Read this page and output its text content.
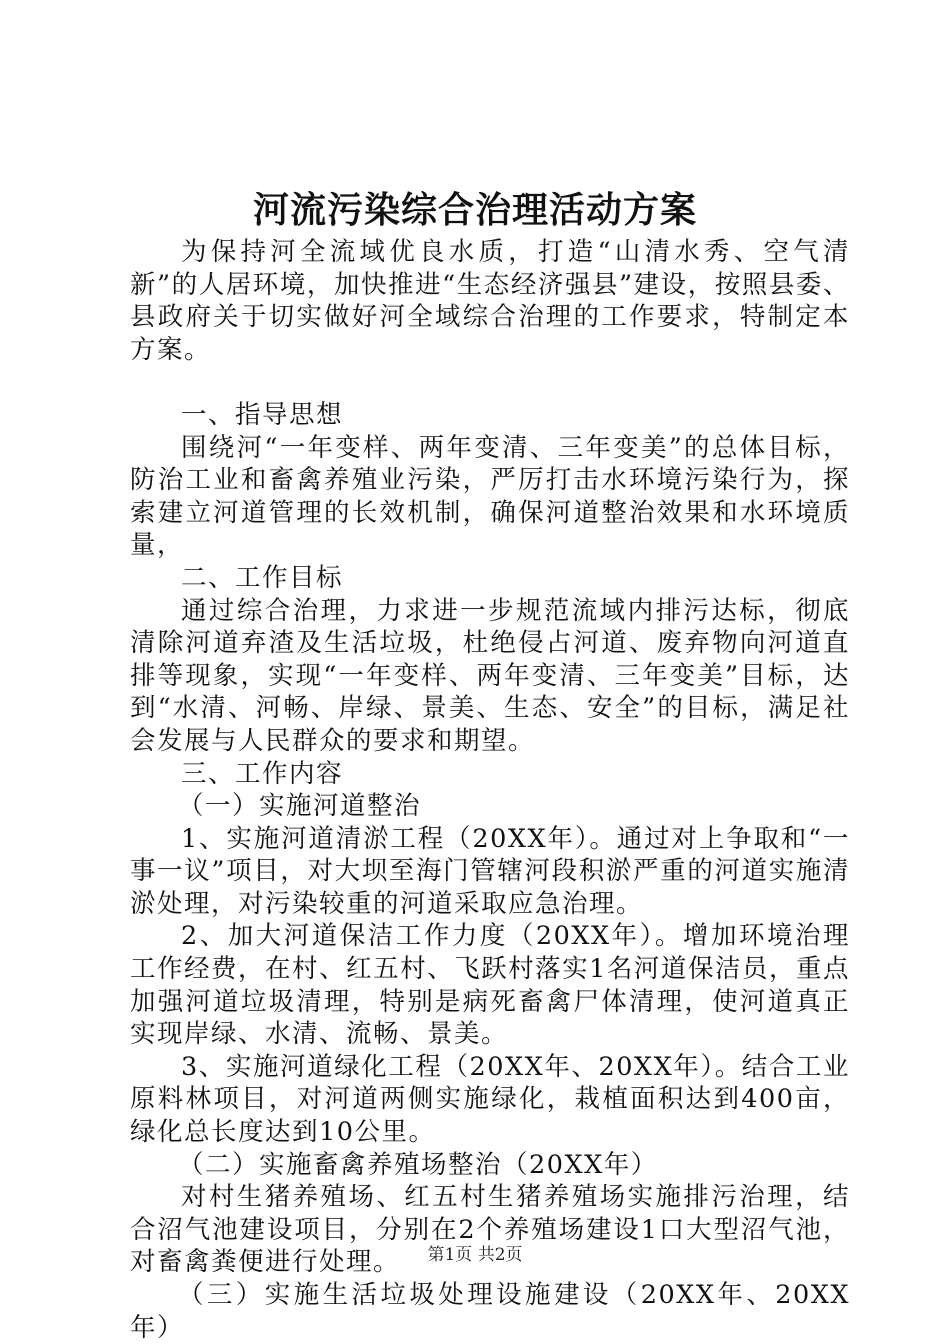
河流污染综合治理活动方案

为保持河全流域优良水质，打造“山清水秀、空气清新”的人居环境，加快推进“生态经济强县”建设，按照县委、县政府关于切实做好河全域综合治理的工作要求，特制定本方案。

一、指导思想

围绕河“一年变样、两年变清、三年变美”的总体目标，防治工业和畜禽养殖业污染，严厉打击水环境污染行为，探索建立河道管理的长效机制，确保河道整治效果和水环境质量，

二、工作目标

通过综合治理，力求进一步规范流域内排污达标，彻底清除河道弃渣及生活垃圾，杜绝侵占河道、废弃物向河道直排等现象，实现“一年变样、两年变清、三年变美”目标，达到“水清、河畅、岸绿、景美、生态、安全”的目标，满足社会发展与人民群众的要求和期望。

三、工作内容

（一）实施河道整治

1、实施河道清淤工程（20XX年）。通过对上争取和“一事一议”项目，对大坝至海门管辖河段积淤严重的河道实施清淤处理，对污染较重的河道采取应急治理。

2、加大河道保洁工作力度（20XX年）。增加环境治理工作经费，在村、红五村、飞跃村落实1名河道保洁员，重点加强河道垃圾清理，特别是病死畜禽尸体清理，使河道真正实现岸绿、水清、流畅、景美。

3、实施河道绿化工程（20XX年、20XX年）。结合工业原料林项目，对河道两侧实施绿化，栽植面积达到400亩，绿化总长度达到10公里。

（二）实施畜禽养殖场整治（20XX年）

对村生猪养殖场、红五村生猪养殖场实施排污治理，结合沼气池建设项目，分别在2个养殖场建设1口大型沼气池，对畜禽粪便进行处理。

（三）实施生活垃圾处理设施建设（20XX年、20XX年）

第1页 共2页
